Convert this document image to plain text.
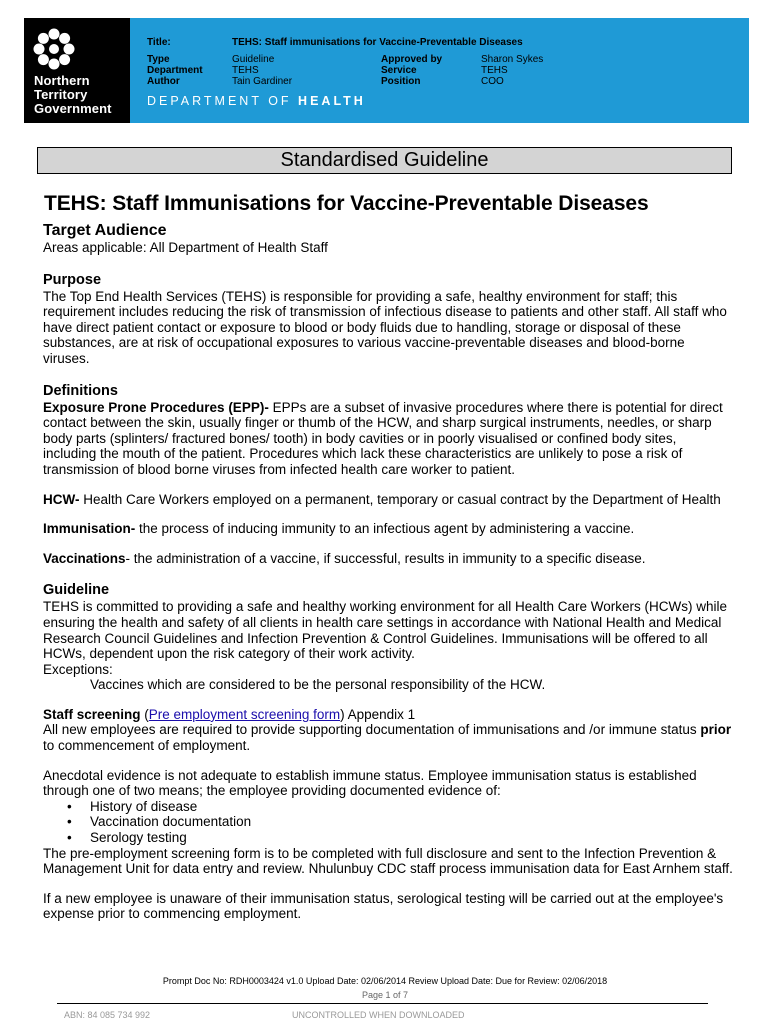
Northern
Territory
Government
Title:	TEHS: Staff immunisations for Vaccine-Preventable Diseases
Type	Guideline
Department	TEHS
Author	Tain Gardiner
Approved by	Sharon Sykes
Service	TEHS
Position	COO
DEPARTMENT OF HEALTH
Standardised Guideline
TEHS: Staff Immunisations for Vaccine-Preventable Diseases
Target Audience

Areas applicable: All Department of Health Staff

Purpose

The Top End Health Services (TEHS) is responsible for providing a safe, healthy environment for staff; this requirement includes reducing the risk of transmission of infectious disease to patients and other staff. All staff who have direct patient contact or exposure to blood or body fluids due to handling, storage or disposal of these substances, are at risk of occupational exposures to various vaccine-preventable diseases and blood-borne viruses.

Definitions

Exposure Prone Procedures (EPP)- EPPs are a subset of invasive procedures where there is potential for direct contact between the skin, usually finger or thumb of the HCW, and sharp surgical instruments, needles, or sharp body parts (splinters/ fractured bones/ tooth) in body cavities or in poorly visualised or confined body sites, including the mouth of the patient. Procedures which lack these characteristics are unlikely to pose a risk of transmission of blood borne viruses from infected health care worker to patient.

HCW- Health Care Workers employed on a permanent, temporary or casual contract by the Department of Health

Immunisation- the process of inducing immunity to an infectious agent by administering a vaccine.

Vaccinations- the administration of a vaccine, if successful, results in immunity to a specific disease.

Guideline

TEHS is committed to providing a safe and healthy working environment for all Health Care Workers (HCWs) while ensuring the health and safety of all clients in health care settings in accordance with National Health and Medical Research Council Guidelines and Infection Prevention & Control Guidelines. Immunisations will be offered to all HCWs, dependent upon the risk category of their work activity.

Exceptions:

Vaccines which are considered to be the personal responsibility of the HCW.

Staff screening (Pre employment screening form) Appendix 1

All new employees are required to provide supporting documentation of immunisations and /or immune status prior to commencement of employment.

Anecdotal evidence is not adequate to establish immune status. Employee immunisation status is established through one of two means; the employee providing documented evidence of:

• History of disease
• Vaccination documentation
• Serology testing

The pre-employment screening form is to be completed with full disclosure and sent to the Infection Prevention & Management Unit for data entry and review. Nhulunbuy CDC staff process immunisation data for East Arnhem staff.

If a new employee is unaware of their immunisation status, serological testing will be carried out at the employee's expense prior to commencing employment.

Prompt Doc No: RDH0003424 v1.0 Upload Date: 02/06/2014 Review Upload Date: Due for Review: 02/06/2018
Page 1 of 7
ABN: 84 085 734 992	UNCONTROLLED WHEN DOWNLOADED
